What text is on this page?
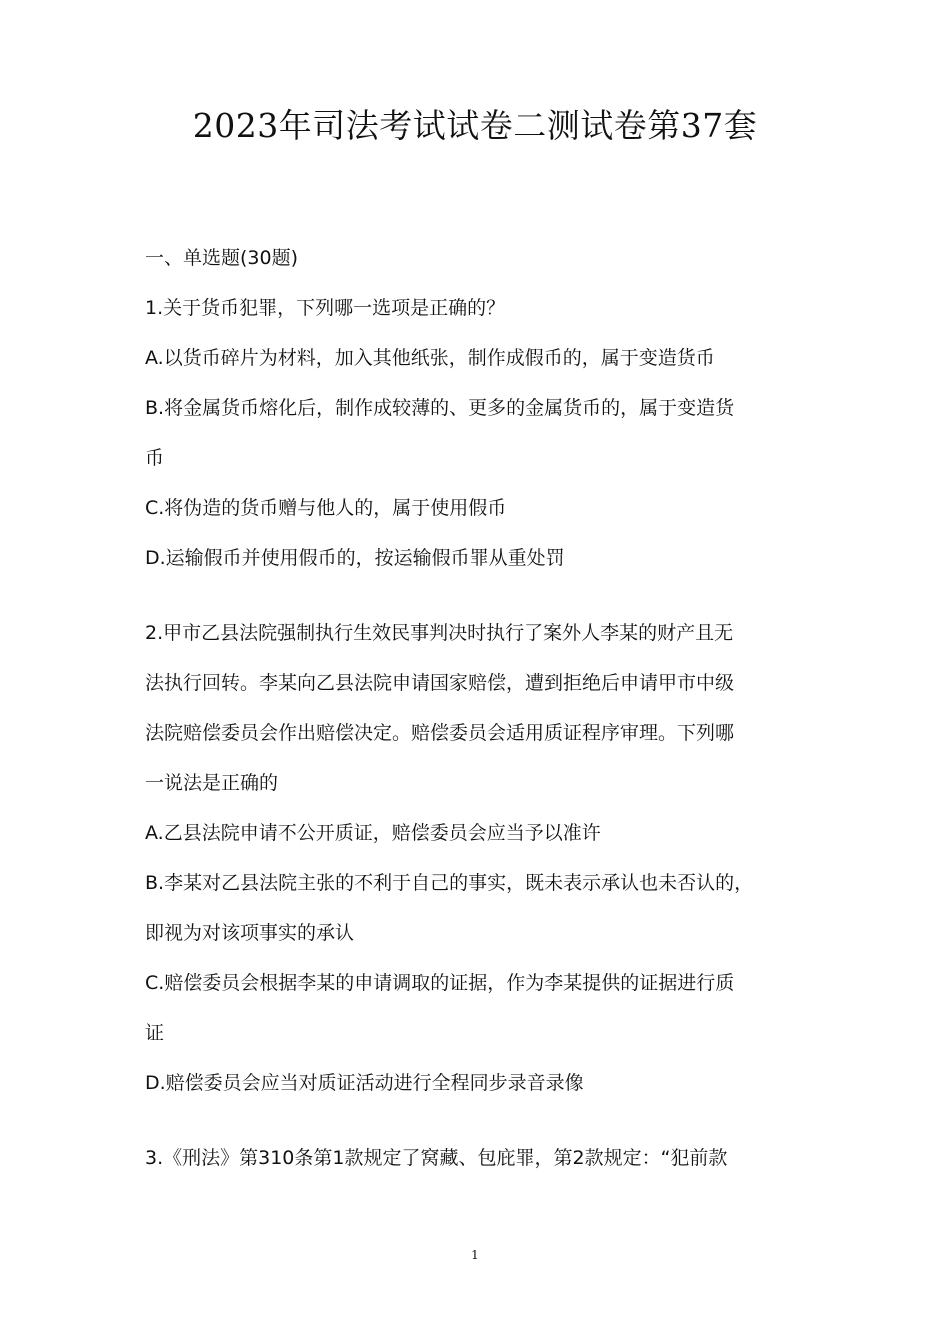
2023年司法考试试卷二测试卷第37套
一、单选题(30题)
1.关于货币犯罪，下列哪一选项是正确的？
A.以货币碎片为材料，加入其他纸张，制作成假币的，属于变造货币
B.将金属货币熔化后，制作成较薄的、更多的金属货币的，属于变造货
币
C.将伪造的货币赠与他人的，属于使用假币
D.运输假币并使用假币的，按运输假币罪从重处罚
2.甲市乙县法院强制执行生效民事判决时执行了案外人李某的财产且无
法执行回转。李某向乙县法院申请国家赔偿，遭到拒绝后申请甲市中级
法院赔偿委员会作出赔偿决定。赔偿委员会适用质证程序审理。下列哪
一说法是正确的
A.乙县法院申请不公开质证，赔偿委员会应当予以准许
B.李某对乙县法院主张的不利于自己的事实，既未表示承认也未否认的，
即视为对该项事实的承认
C.赔偿委员会根据李某的申请调取的证据，作为李某提供的证据进行质
证
D.赔偿委员会应当对质证活动进行全程同步录音录像
3.《刑法》第310条第1款规定了窝藏、包庇罪，第2款规定：“犯前款
1
